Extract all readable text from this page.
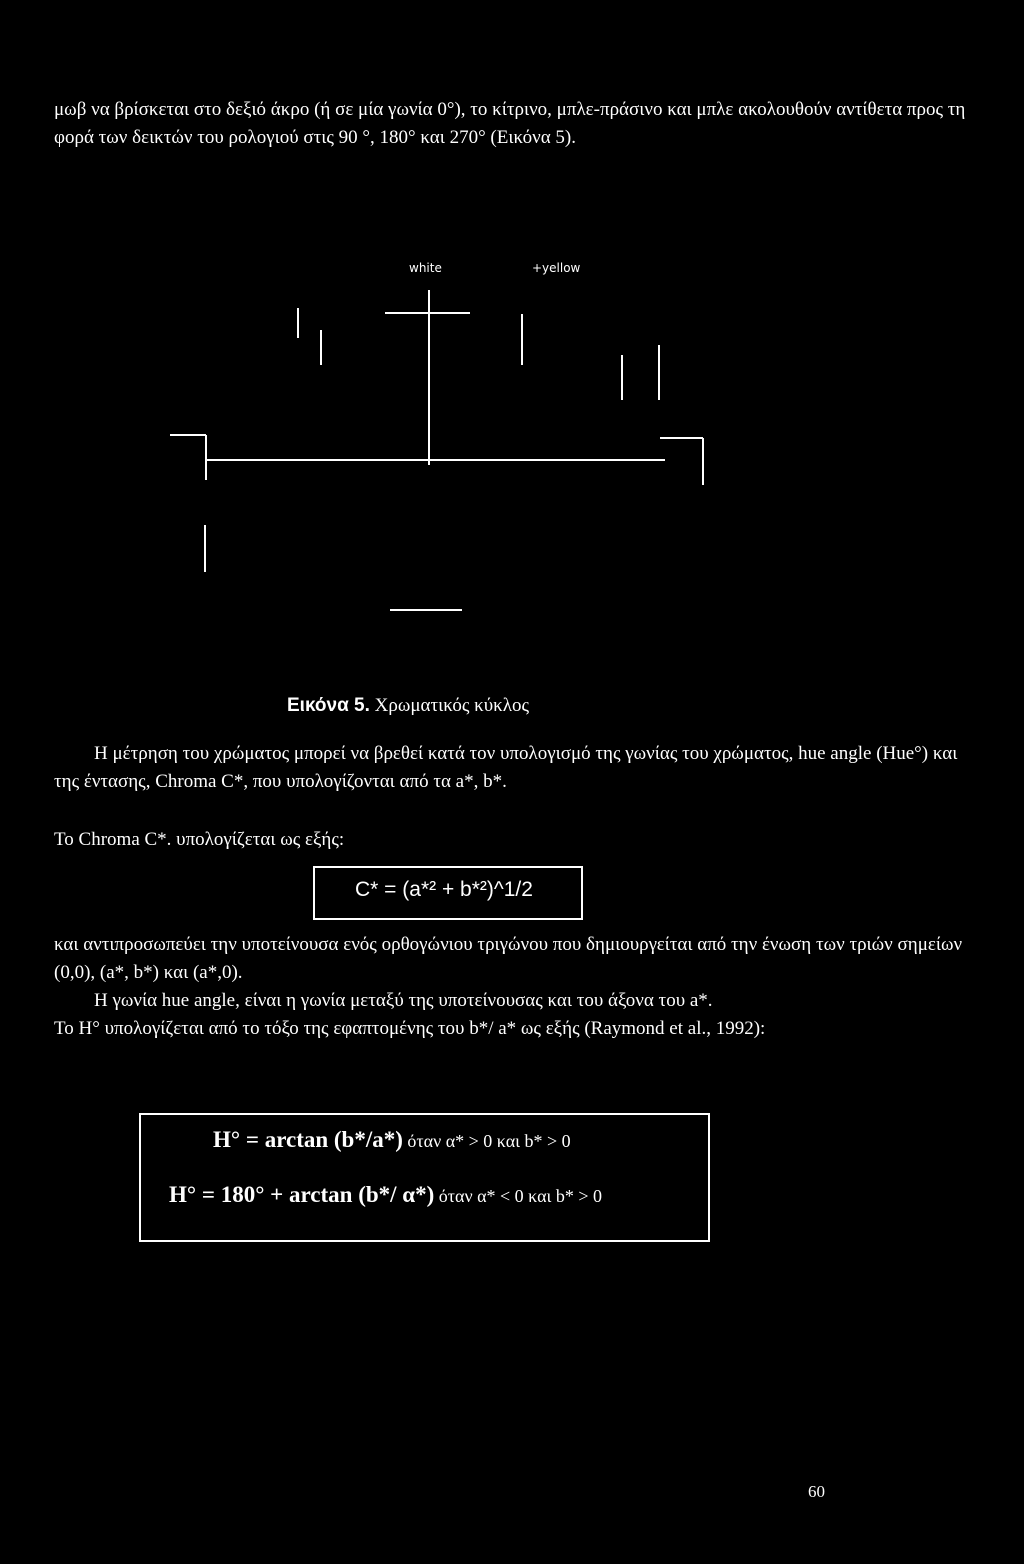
μωβ να βρίσκεται στο δεξιό άκρο (ή σε μία γωνία 0°), το κίτρινο, μπλε-πράσινο και μπλε ακολουθούν αντίθετα προς τη φορά των δεικτών του ρολογιού στις 90 °, 180° και 270° (Εικόνα 5).

white	+yellow
Εικόνα 5. Χρωματικός κύκλος

Η μέτρηση του χρώματος μπορεί να βρεθεί κατά τον υπολογισμό της γωνίας του χρώματος, hue angle (Hue°) και της έντασης, Chroma C*, που υπολογίζονται από τα a*, b*.

Το Chroma C*. υπολογίζεται ως εξής:

C* = (a*² + b*²)^1/2

και αντιπροσωπεύει την υποτείνουσα ενός ορθογώνιου τριγώνου που δημιουργείται από την ένωση των τριών σημείων (0,0), (a*, b*) και (a*,0).

Η γωνία hue angle, είναι η γωνία μεταξύ της υποτείνουσας και του άξονα του a*.

Το H° υπολογίζεται από το τόξο της εφαπτομένης του b*/ a* ως εξής (Raymond et al., 1992):

H° = arctan (b*/a*) όταν α* > 0 και b* > 0
H° = 180° + arctan (b*/ α*) όταν α* < 0 και b* > 0
60
